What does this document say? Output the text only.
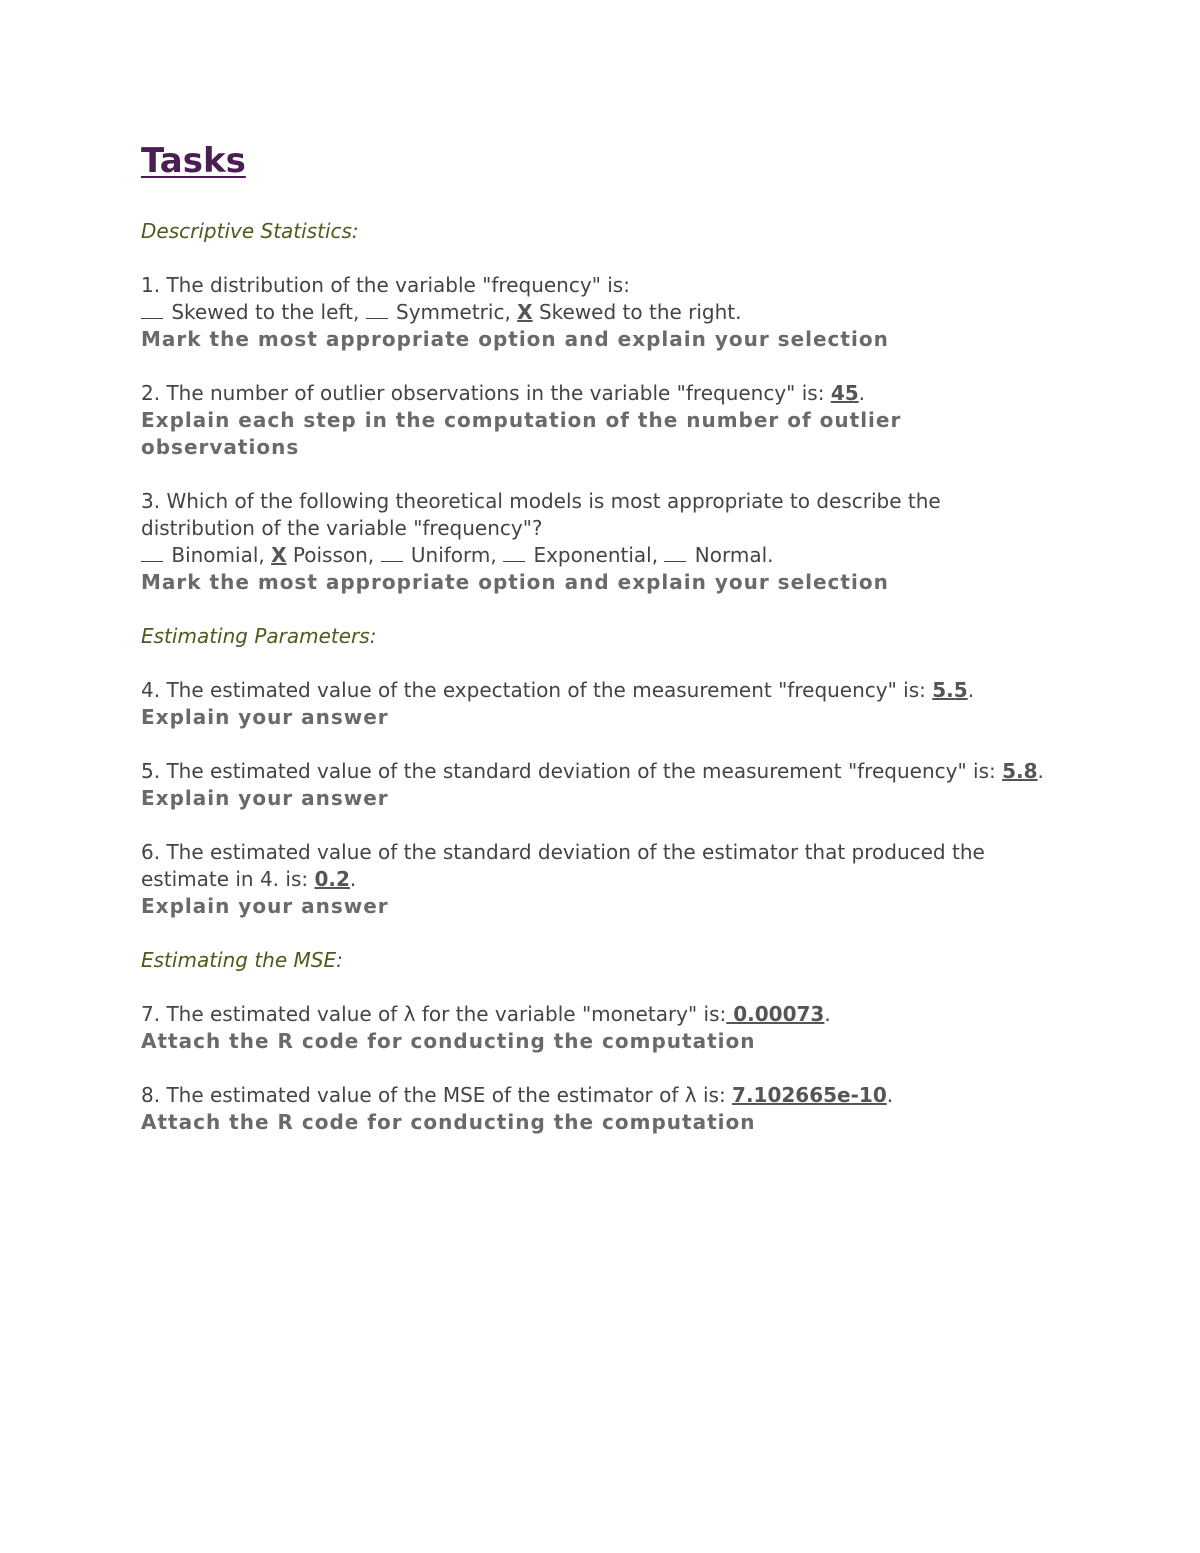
Tasks
Descriptive Statistics:
1. The distribution of the variable "frequency" is:
Skewed to the left,  Symmetric, X Skewed to the right.
Mark the most appropriate option and explain your selection
2. The number of outlier observations in the variable "frequency" is: 45.
Explain each step in the computation of the number of outlier observations
3. Which of the following theoretical models is most appropriate to describe the distribution of the variable "frequency"?
Binomial, X Poisson,  Uniform,  Exponential,  Normal.
Mark the most appropriate option and explain your selection
Estimating Parameters:
4. The estimated value of the expectation of the measurement "frequency" is: 5.5.
Explain your answer
5. The estimated value of the standard deviation of the measurement "frequency" is: 5.8.
Explain your answer
6. The estimated value of the standard deviation of the estimator that produced the estimate in 4. is: 0.2.
Explain your answer
Estimating the MSE:
7. The estimated value of λ for the variable "monetary" is: 0.00073.
Attach the R code for conducting the computation
8. The estimated value of the MSE of the estimator of λ is: 7.102665e-10.
Attach the R code for conducting the computation
